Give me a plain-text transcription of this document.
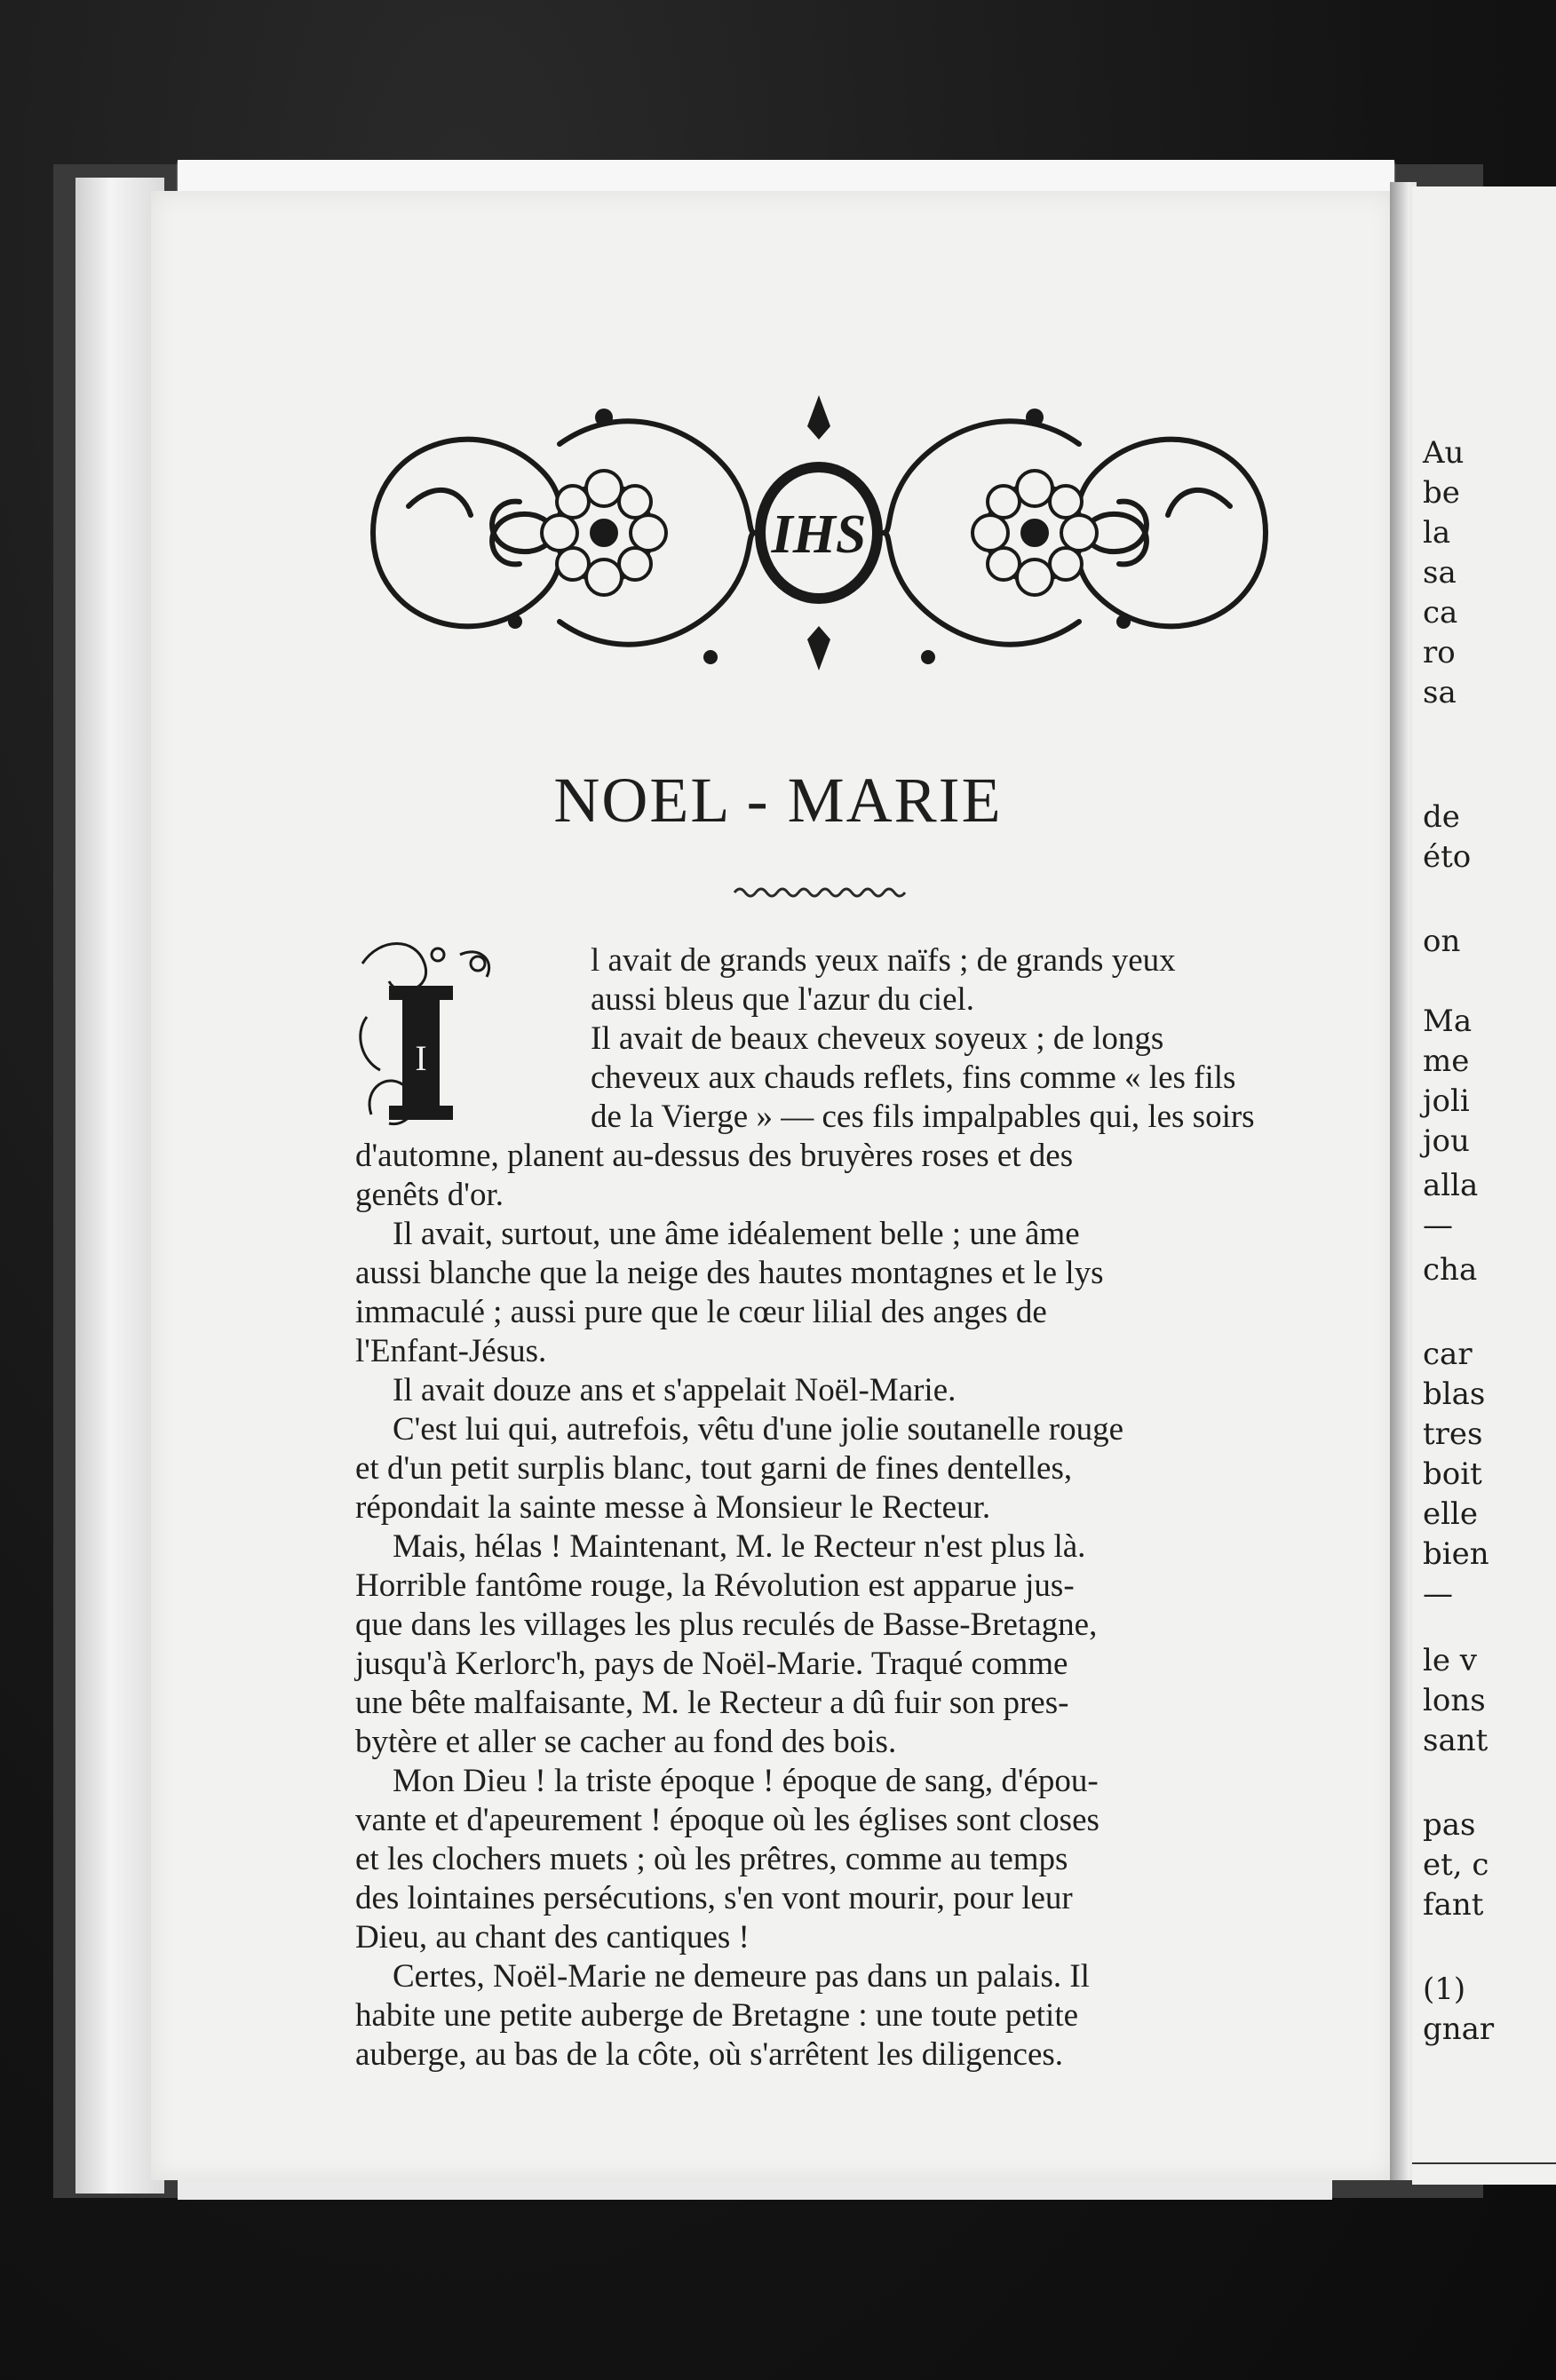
Au
be
la
sa
ca
ro
sa
de
éto
on
Ma
me
joli
jou
alla
—
cha
car
blas
tres
boit
elle
bien
—
le v
lons
sant
pas
et, c
fant
(1)
gnar
IHS
NOEL - MARIE
I
l avait de grands yeux naïfs ; de grands yeux
aussi bleus que l'azur du ciel.
Il avait de beaux cheveux soyeux ; de longs
cheveux aux chauds reflets, fins comme « les fils
de la Vierge » — ces fils impalpables qui, les soirs
d'automne, planent au-dessus des bruyères roses et des
genêts d'or.
Il avait, surtout, une âme idéalement belle ; une âme
aussi blanche que la neige des hautes montagnes et le lys
immaculé ; aussi pure que le cœur lilial des anges de
l'Enfant-Jésus.
Il avait douze ans et s'appelait Noël-Marie.
C'est lui qui, autrefois, vêtu d'une jolie soutanelle rouge
et d'un petit surplis blanc, tout garni de fines dentelles,
répondait la sainte messe à Monsieur le Recteur.
Mais, hélas ! Maintenant, M. le Recteur n'est plus là.
Horrible fantôme rouge, la Révolution est apparue jus-
que dans les villages les plus reculés de Basse-Bretagne,
jusqu'à Kerlorc'h, pays de Noël-Marie. Traqué comme
une bête malfaisante, M. le Recteur a dû fuir son pres-
bytère et aller se cacher au fond des bois.
Mon Dieu ! la triste époque ! époque de sang, d'épou-
vante et d'apeurement ! époque où les églises sont closes
et les clochers muets ; où les prêtres, comme au temps
des lointaines persécutions, s'en vont mourir, pour leur
Dieu, au chant des cantiques !
Certes, Noël-Marie ne demeure pas dans un palais. Il
habite une petite auberge de Bretagne : une toute petite
auberge, au bas de la côte, où s'arrêtent les diligences.
